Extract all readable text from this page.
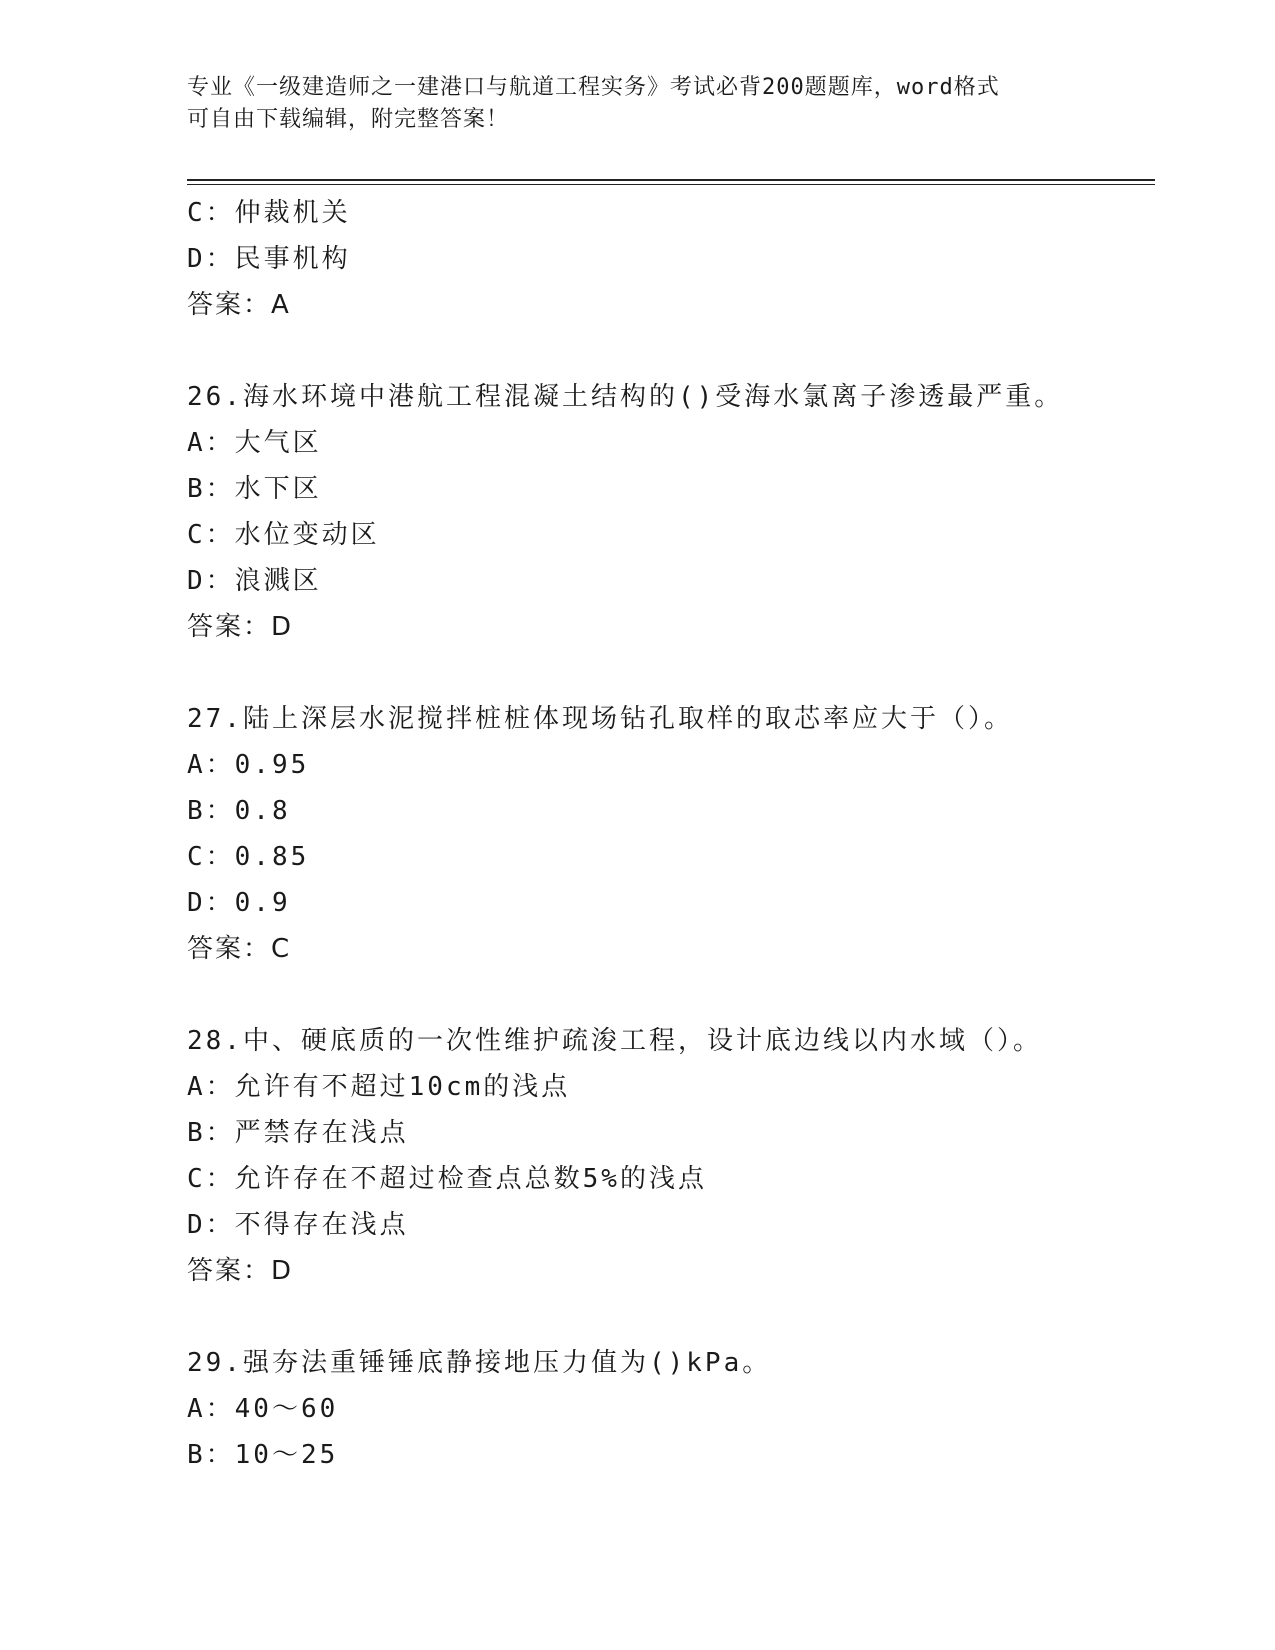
专业《一级建造师之一建港口与航道工程实务》考试必背200题题库，word格式
可自由下载编辑，附完整答案！
C：仲裁机关
D：民事机构
答案：A
26.海水环境中港航工程混凝土结构的()受海水氯离子渗透最严重。
A：大气区
B：水下区
C：水位变动区
D：浪溅区
答案：D
27.陆上深层水泥搅拌桩桩体现场钻孔取样的取芯率应大于（）。
A：0.95
B：0.8
C：0.85
D：0.9
答案：C
28.中、硬底质的一次性维护疏浚工程，设计底边线以内水域（）。
A：允许有不超过10cm的浅点
B：严禁存在浅点
C：允许存在不超过检查点总数5%的浅点
D：不得存在浅点
答案：D
29.强夯法重锤锤底静接地压力值为()kPa。
A：40～60
B：10～25
